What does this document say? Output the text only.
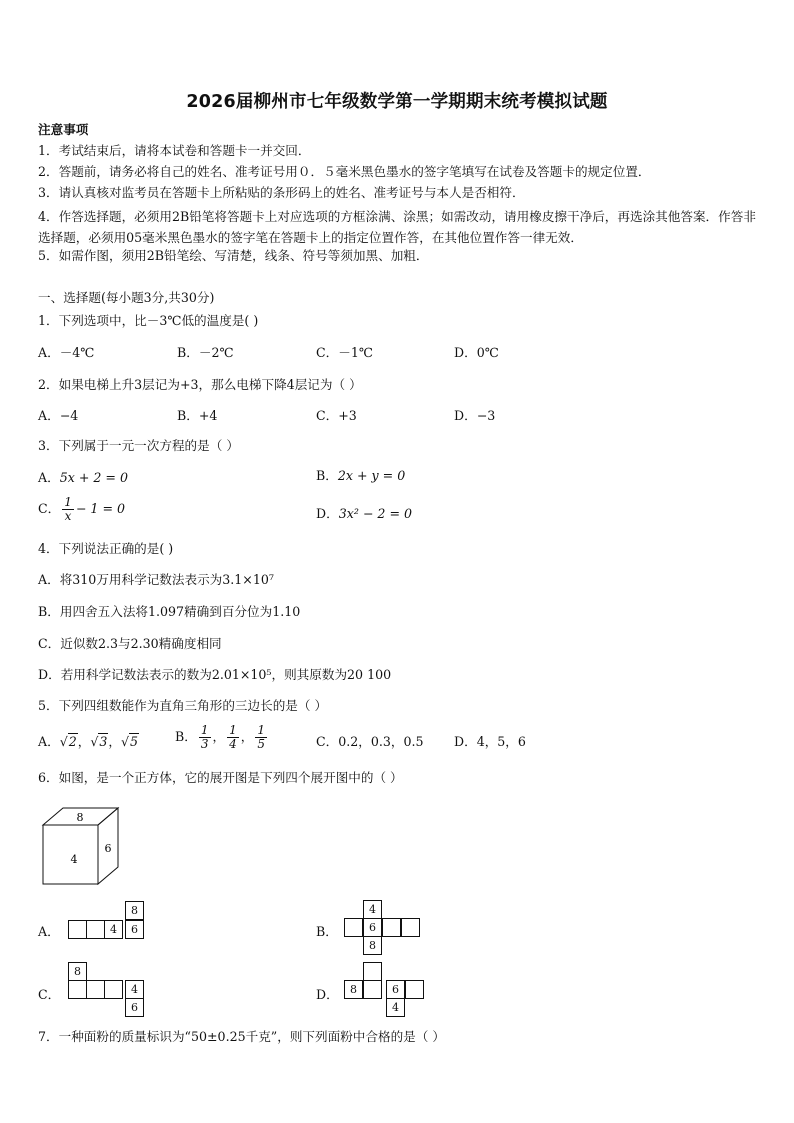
2026届柳州市七年级数学第一学期期末统考模拟试题
注意事项
1．考试结束后，请将本试卷和答题卡一并交回．
2．答题前，请务必将自己的姓名、准考证号用０．５毫米黑色墨水的签字笔填写在试卷及答题卡的规定位置．
3．请认真核对监考员在答题卡上所粘贴的条形码上的姓名、准考证号与本人是否相符．
4．作答选择题，必须用2B铅笔将答题卡上对应选项的方框涂满、涂黑；如需改动，请用橡皮擦干净后，再选涂其他答案．作答非选择题，必须用05毫米黑色墨水的签字笔在答题卡上的指定位置作答，在其他位置作答一律无效．
5．如需作图，须用2B铅笔绘、写清楚，线条、符号等须加黑、加粗．
一、选择题(每小题3分,共30分)
1．下列选项中，比－3℃低的温度是( )
A．－4℃	B．－2℃	C．－1℃	D．0℃
2．如果电梯上升3层记为+3，那么电梯下降4层记为（ ）
A．−4	B．+4	C．+3	D．−3
3．下列属于一元一次方程的是（ ）
A．5x + 2 = 0	B．2x + y = 0
C． $\frac{1}{x} - 1 = 0$	D．3x² − 2 = 0
4．下列说法正确的是( )
A．将310万用科学记数法表示为3.1×10⁷
B．用四舍五入法将1.097精确到百分位为1.10
C．近似数2.3与2.30精确度相同
D．若用科学记数法表示的数为2.01×10⁵，则其原数为20 100
5．下列四组数能作为直角三角形的三边长的是（ ）
A．√2，√3，√5	B． $\frac{1}{3}$ ， $\frac{1}{4}$ ， $\frac{1}{5}$	C．0.2，0.3，0.5 D．4，5，6
6．如图，是一个正方体，它的展开图是下列四个展开图中的（ ）
8
4
6
A．	4
8
6	B．
4
6
8
C．
8
4
6
D．	8	6
4
7．一种面粉的质量标识为“50±0.25千克”，则下列面粉中合格的是（ ）
